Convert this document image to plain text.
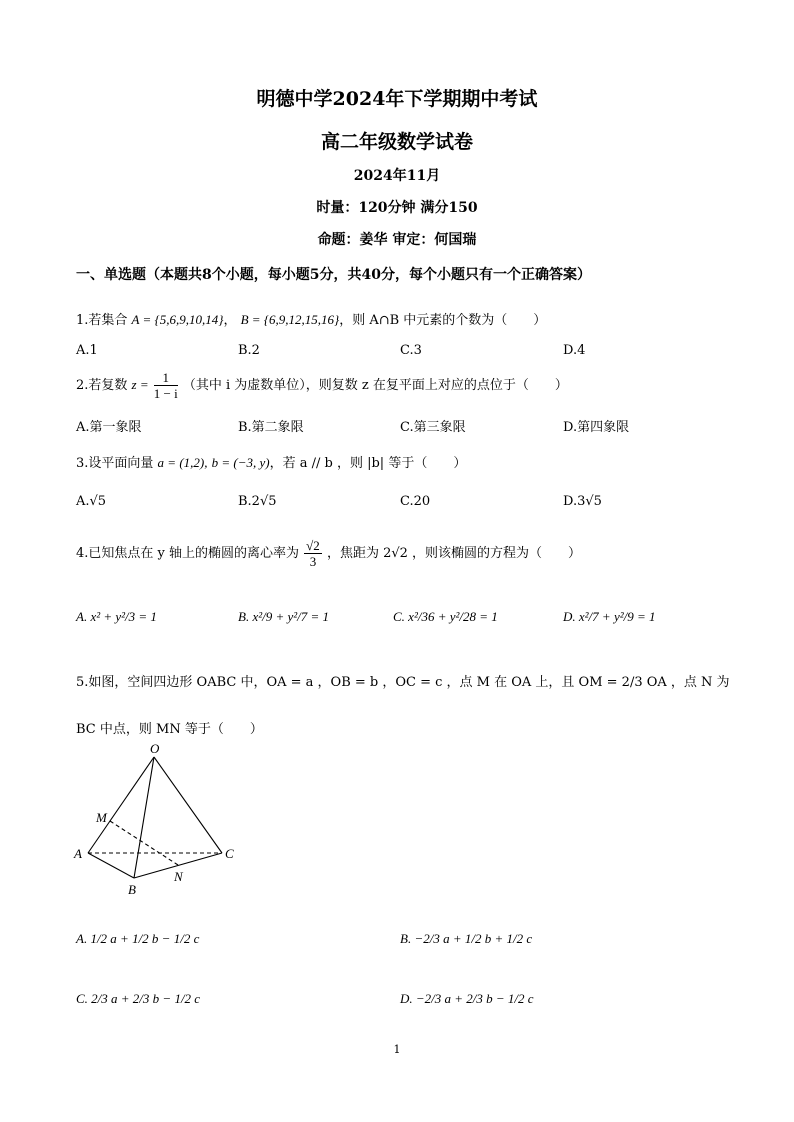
明德中学2024年下学期期中考试
高二年级数学试卷
2024年11月
时量：120分钟 满分150
命题：姜华 审定：何国瑞
一、单选题（本题共8个小题，每小题5分，共40分，每个小题只有一个正确答案）
1.若集合 A = {5,6,9,10,14}， B = {6,9,12,15,16}，则 A∩B 中元素的个数为（　　）
A.1	B.2	C.3	D.4
2.若复数 $z = \frac{1}{1 - i}$ （其中 i 为虚数单位），则复数 z 在复平面上对应的点位于（　　）
A.第一象限	B.第二象限	C.第三象限	D.第四象限
3.设平面向量 a = (1,2), b = (−3, y)，若 a // b ，则 |b| 等于（　　）
A.√5	B.2√5	C.20	D.3√5
4.已知焦点在 y 轴上的椭圆的离心率为 $\frac{√2}{3}$ ，焦距为 2√2 ，则该椭圆的方程为（　　）
A. x² + y²/3 = 1	B. x²/9 + y²/7 = 1	C. x²/36 + y²/28 = 1	D. x²/7 + y²/9 = 1
5.如图，空间四边形 OABC 中，OA = a ，OB = b ，OC = c ，点 M 在 OA 上，且 OM = 2/3 OA ，点 N 为
BC 中点，则 MN 等于（　　）
O
M
A	C
N
B
A. 1/2 a + 1/2 b − 1/2 c	B. −2/3 a + 1/2 b + 1/2 c
C. 2/3 a + 2/3 b − 1/2 c	D. −2/3 a + 2/3 b − 1/2 c
1
